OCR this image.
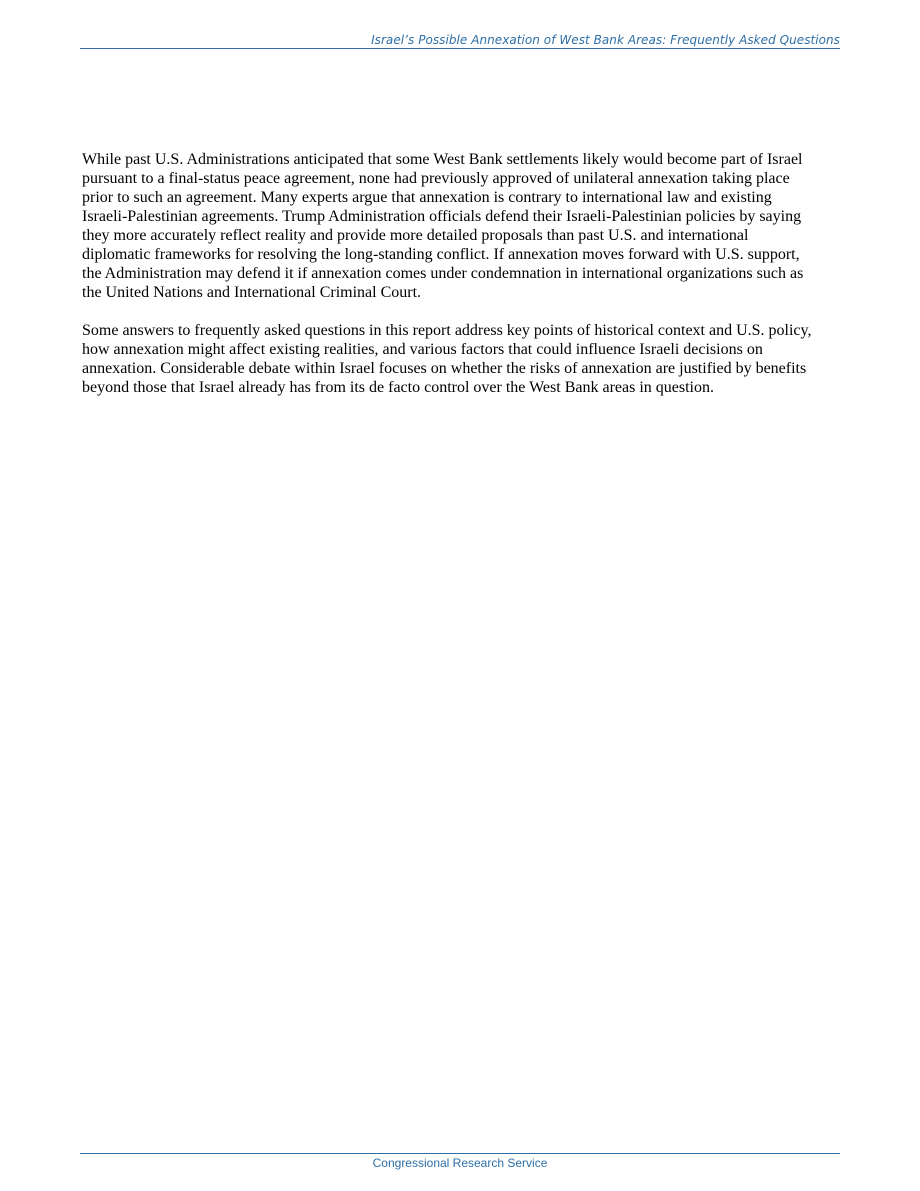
Israel’s Possible Annexation of West Bank Areas: Frequently Asked Questions

While past U.S. Administrations anticipated that some West Bank settlements likely would become part of Israel
pursuant to a final-status peace agreement, none had previously approved of unilateral annexation taking place
prior to such an agreement. Many experts argue that annexation is contrary to international law and existing
Israeli-Palestinian agreements. Trump Administration officials defend their Israeli-Palestinian policies by saying
they more accurately reflect reality and provide more detailed proposals than past U.S. and international
diplomatic frameworks for resolving the long-standing conflict. If annexation moves forward with U.S. support,
the Administration may defend it if annexation comes under condemnation in international organizations such as
the United Nations and International Criminal Court.

Some answers to frequently asked questions in this report address key points of historical context and U.S. policy,
how annexation might affect existing realities, and various factors that could influence Israeli decisions on
annexation. Considerable debate within Israel focuses on whether the risks of annexation are justified by benefits
beyond those that Israel already has from its de facto control over the West Bank areas in question.

Congressional Research Service
